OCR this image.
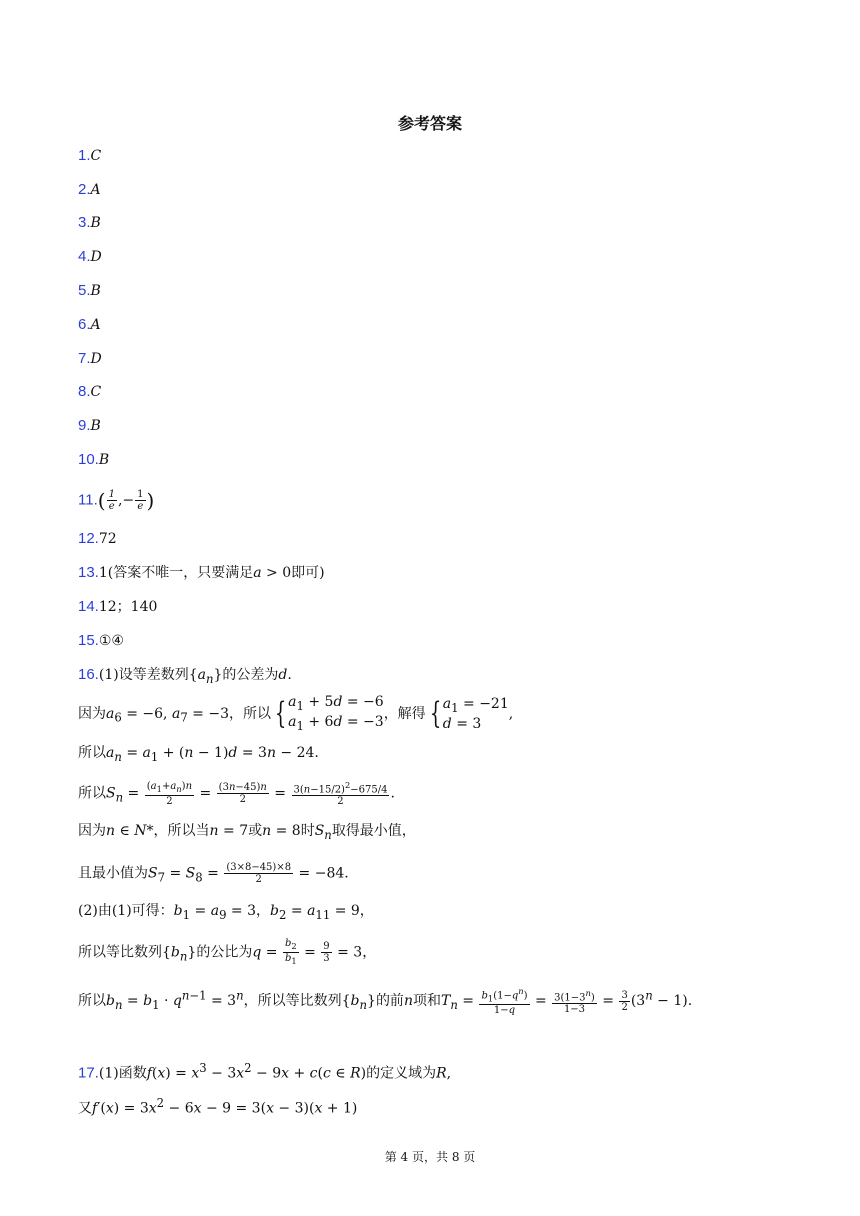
参考答案
1.C
2.A
3.B
4.D
5.B
6.A
7.D
8.C
9.B
10.B
$11.( \frac{1}{e}$ ,− $\frac{1}{e}$ )
12.72
13.1(答案不唯一，只要满足a > 0即可)
14.12；140
15.①④
16.(1)设等差数列$\{a_n\}$的公差为d.
因为$a_6 = -6$, $a_7 = -3$，所以 { $a_1 + 5d = -6$
$a_1 + 6d = -3$，解得 { $a_1 = -21$
d = 3,
所以$a_n = a_1 + (n - 1)d = 3n - 24$.
所以$S_n = \frac{(a_1+a_n)n}{2} = \frac{(3n-45)n}{2} = \frac{3(n-15/2)^2-675/4}{2}$ .
因为n ∈ N*，所以当n = 7或n = 8时$S_n$取得最小值，
且最小值为$S_7 = S_8 = \frac{(3\times 8-45)\times 8}{2} = -84$.
(2)由(1)可得：$b_1 = a_9 = 3$，$b_2 = a_{11} = 9$，
所以等比数列$\{b_n\}$的公比为$q = \frac{b_2}{b_1} = \frac{9}{3} = 3$，
所以$b_n = b_1 \cdot q^{n-1} = 3^n$，所以等比数列$\{b_n\}$的前n项和$T_n = \frac{b_1(1-q^n)}{1-q} = \frac{3(1-3^n)}{1-3} = \frac{3}{2} (3^n - 1)$.
17.(1)函数$f(x) = x^3 - 3x^2 - 9x + c(c$ ∈ R)的定义域为R,
又$f'(x) = 3x^2 - 6x - 9 = 3(x - 3)(x + 1)$
第 4 页，共 8 页
